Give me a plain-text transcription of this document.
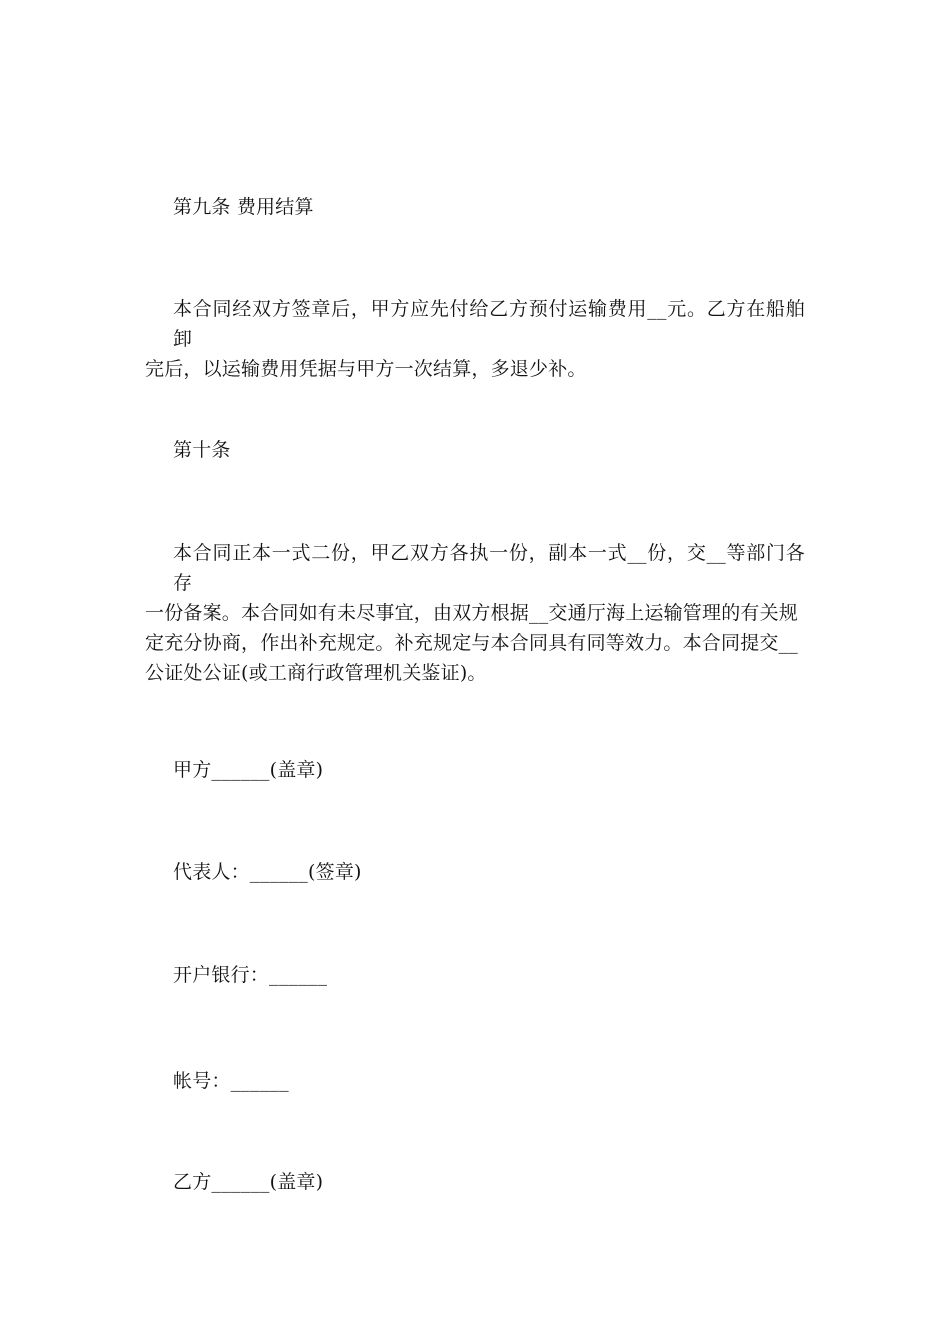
第九条 费用结算
本合同经双方签章后，甲方应先付给乙方预付运输费用__元。乙方在船舶卸
完后，以运输费用凭据与甲方一次结算，多退少补。
第十条
本合同正本一式二份，甲乙双方各执一份，副本一式__份，交__等部门各存
一份备案。本合同如有未尽事宜，由双方根据__交通厅海上运输管理的有关规
定充分协商，作出补充规定。补充规定与本合同具有同等效力。本合同提交__
公证处公证(或工商行政管理机关鉴证)。
甲方______(盖章)
代表人：______(签章)
开户银行：______
帐号：______
乙方______(盖章)
